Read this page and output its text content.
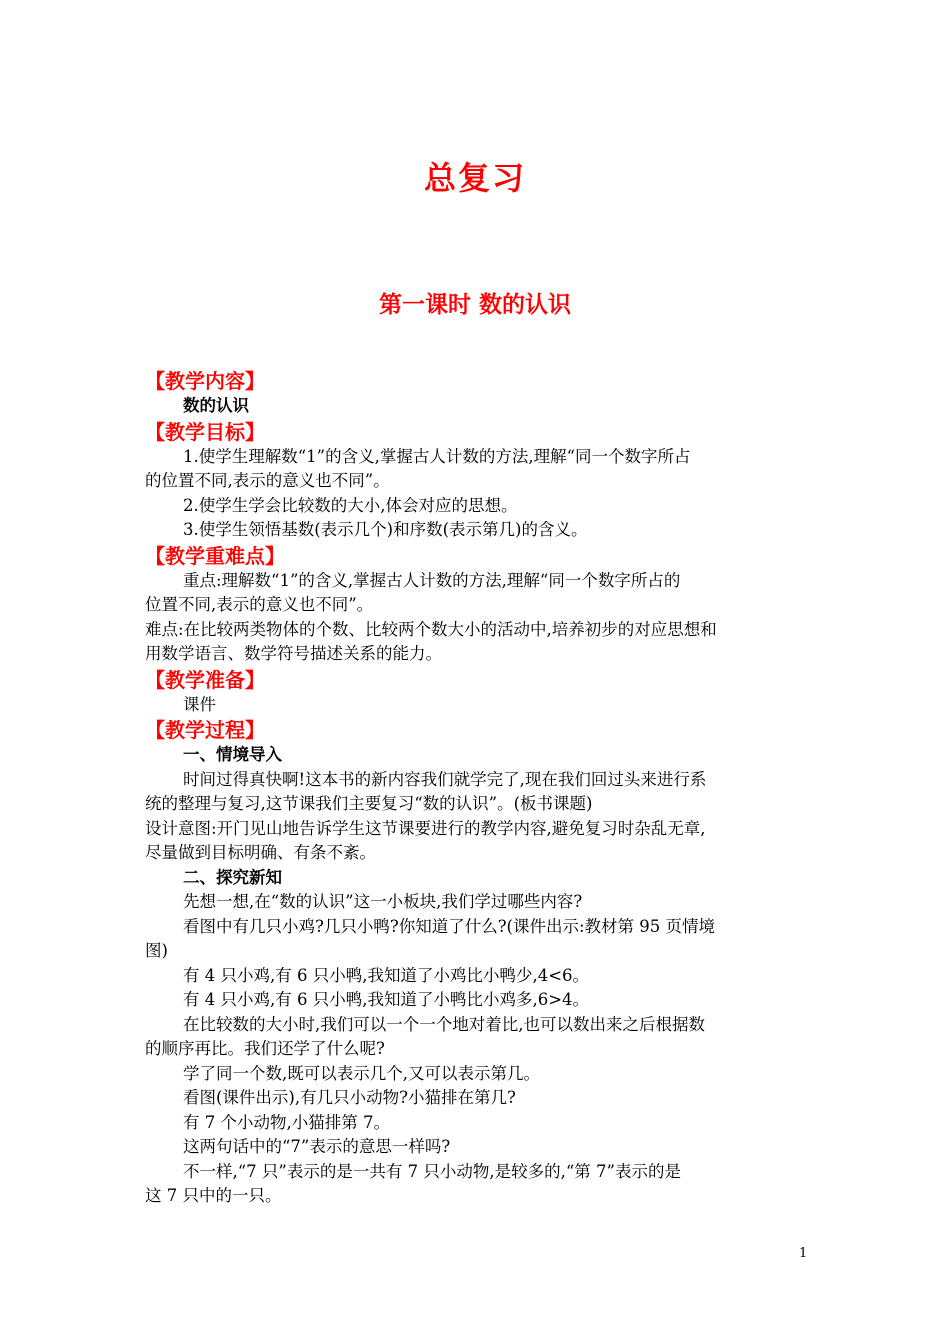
总复习
第一课时 数的认识
【教学内容】
数的认识
【教学目标】
1.使学生理解数“1”的含义,掌握古人计数的方法,理解“同一个数字所占
的位置不同,表示的意义也不同”。
2.使学生学会比较数的大小,体会对应的思想。
3.使学生领悟基数(表示几个)和序数(表示第几)的含义。
【教学重难点】
重点:理解数“1”的含义,掌握古人计数的方法,理解“同一个数字所占的
位置不同,表示的意义也不同”。
难点:在比较两类物体的个数、比较两个数大小的活动中,培养初步的对应思想和
用数学语言、数学符号描述关系的能力。
【教学准备】
课件
【教学过程】
一、情境导入
时间过得真快啊!这本书的新内容我们就学完了,现在我们回过头来进行系
统的整理与复习,这节课我们主要复习“数的认识”。(板书课题)
设计意图:开门见山地告诉学生这节课要进行的教学内容,避免复习时杂乱无章,
尽量做到目标明确、有条不紊。
二、探究新知
先想一想,在“数的认识”这一小板块,我们学过哪些内容?
看图中有几只小鸡?几只小鸭?你知道了什么?(课件出示:教材第 95 页情境
图)
有 4 只小鸡,有 6 只小鸭,我知道了小鸡比小鸭少,4<6。
有 4 只小鸡,有 6 只小鸭,我知道了小鸭比小鸡多,6>4。
在比较数的大小时,我们可以一个一个地对着比,也可以数出来之后根据数
的顺序再比。我们还学了什么呢?
学了同一个数,既可以表示几个,又可以表示第几。
看图(课件出示),有几只小动物?小猫排在第几?
有 7 个小动物,小猫排第 7。
这两句话中的“7”表示的意思一样吗?
不一样,“7 只”表示的是一共有 7 只小动物,是较多的,“第 7”表示的是
这 7 只中的一只。
1
